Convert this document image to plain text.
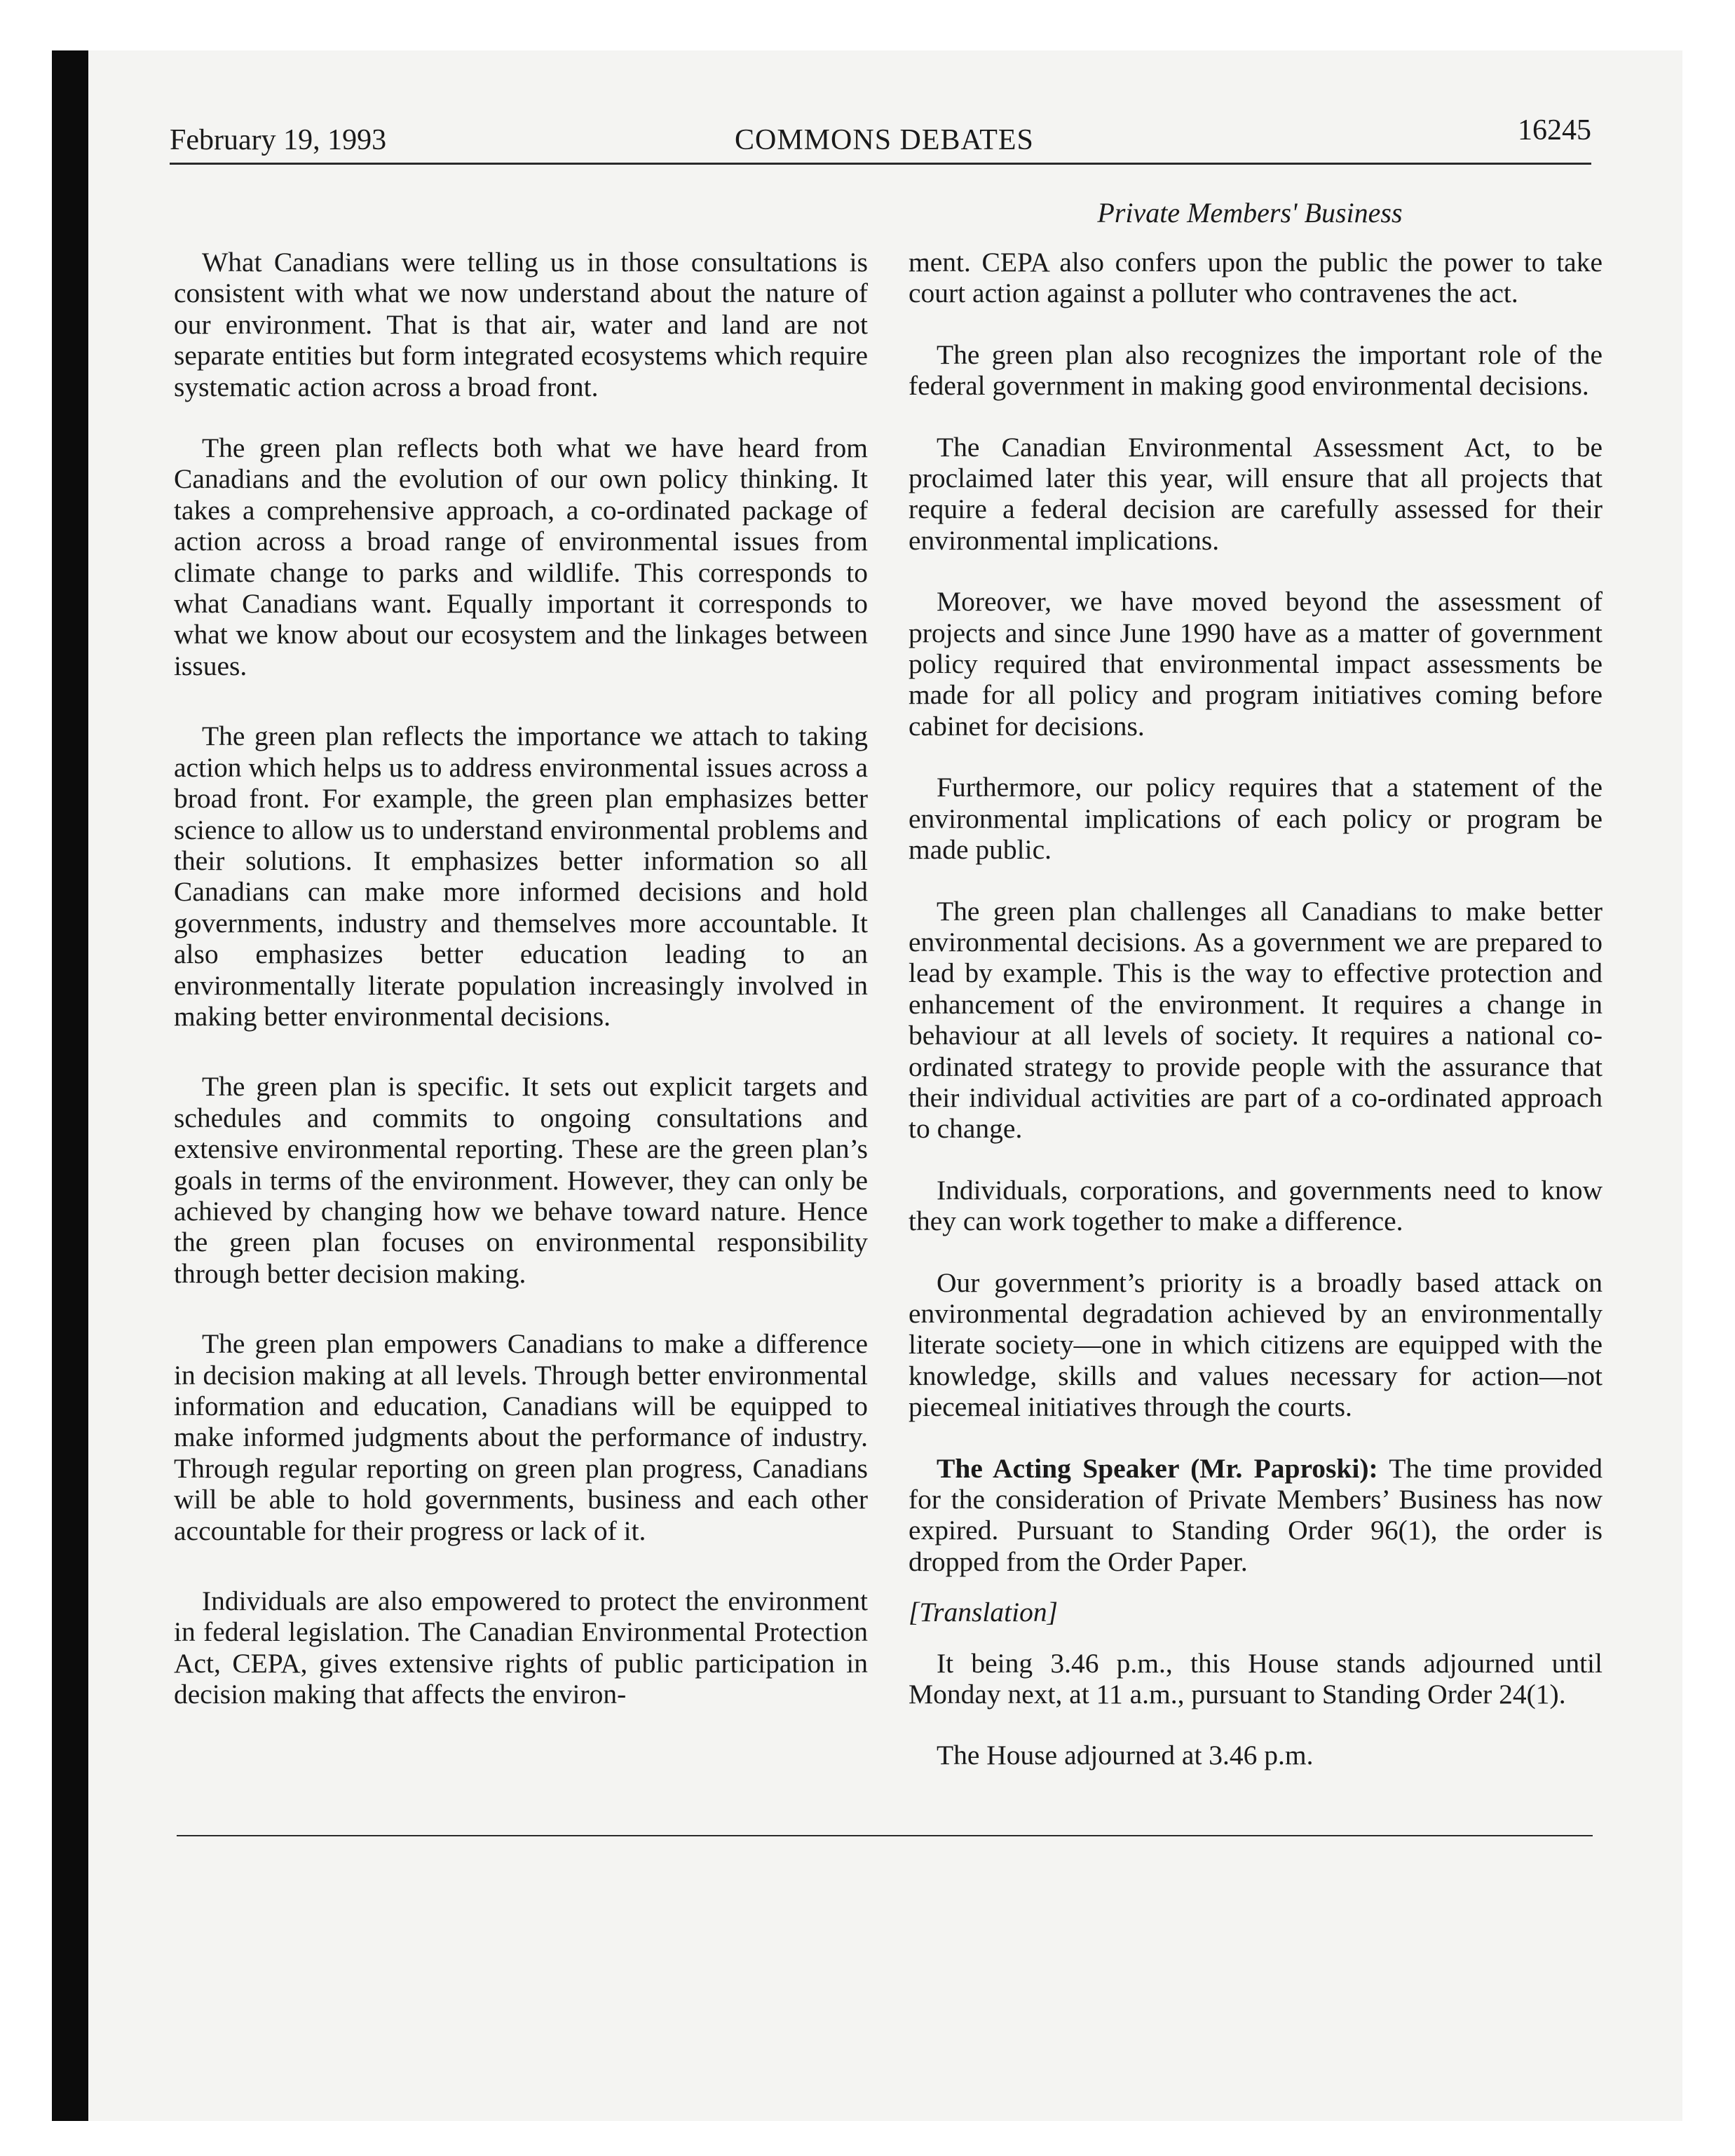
February 19, 1993	COMMONS DEBATES	16245
Private Members' Business

What Canadians were telling us in those consultations is consistent with what we now understand about the nature of our environment. That is that air, water and land are not separate entities but form integrated ecosystems which require systematic action across a broad front.

The green plan reflects both what we have heard from Canadians and the evolution of our own policy thinking. It takes a comprehensive approach, a co-ordinated package of action across a broad range of environmental issues from climate change to parks and wildlife. This corresponds to what Canadians want. Equally important it corresponds to what we know about our ecosystem and the linkages between issues.

The green plan reflects the importance we attach to taking action which helps us to address environmental issues across a broad front. For example, the green plan emphasizes better science to allow us to understand environmental problems and their solutions. It emphasizes better information so all Canadians can make more informed decisions and hold governments, industry and themselves more accountable. It also emphasizes better education leading to an environmentally literate population increasingly involved in making better environmental decisions.

The green plan is specific. It sets out explicit targets and schedules and commits to ongoing consultations and extensive environmental reporting. These are the green plan’s goals in terms of the environment. However, they can only be achieved by changing how we behave toward nature. Hence the green plan focuses on environmental responsibility through better decision making.

The green plan empowers Canadians to make a difference in decision making at all levels. Through better environmental information and education, Canadians will be equipped to make informed judgments about the performance of industry. Through regular reporting on green plan progress, Canadians will be able to hold governments, business and each other accountable for their progress or lack of it.

Individuals are also empowered to protect the environment in federal legislation. The Canadian Environmental Protection Act, CEPA, gives extensive rights of public participation in decision making that affects the environ-

ment. CEPA also confers upon the public the power to take court action against a polluter who contravenes the act.

The green plan also recognizes the important role of the federal government in making good environmental decisions.

The Canadian Environmental Assessment Act, to be proclaimed later this year, will ensure that all projects that require a federal decision are carefully assessed for their environmental implications.

Moreover, we have moved beyond the assessment of projects and since June 1990 have as a matter of government policy required that environmental impact assessments be made for all policy and program initiatives coming before cabinet for decisions.

Furthermore, our policy requires that a statement of the environmental implications of each policy or program be made public.

The green plan challenges all Canadians to make better environmental decisions. As a government we are prepared to lead by example. This is the way to effective protection and enhancement of the environment. It requires a change in behaviour at all levels of society. It requires a national co-ordinated strategy to provide people with the assurance that their individual activities are part of a co-ordinated approach to change.

Individuals, corporations, and governments need to know they can work together to make a difference.

Our government’s priority is a broadly based attack on environmental degradation achieved by an environmentally literate society—one in which citizens are equipped with the knowledge, skills and values necessary for action—not piecemeal initiatives through the courts.

The Acting Speaker (Mr. Paproski): The time provided for the consideration of Private Members’ Business has now expired. Pursuant to Standing Order 96(1), the order is dropped from the Order Paper.

[Translation]

It being 3.46 p.m., this House stands adjourned until Monday next, at 11 a.m., pursuant to Standing Order 24(1).

The House adjourned at 3.46 p.m.
